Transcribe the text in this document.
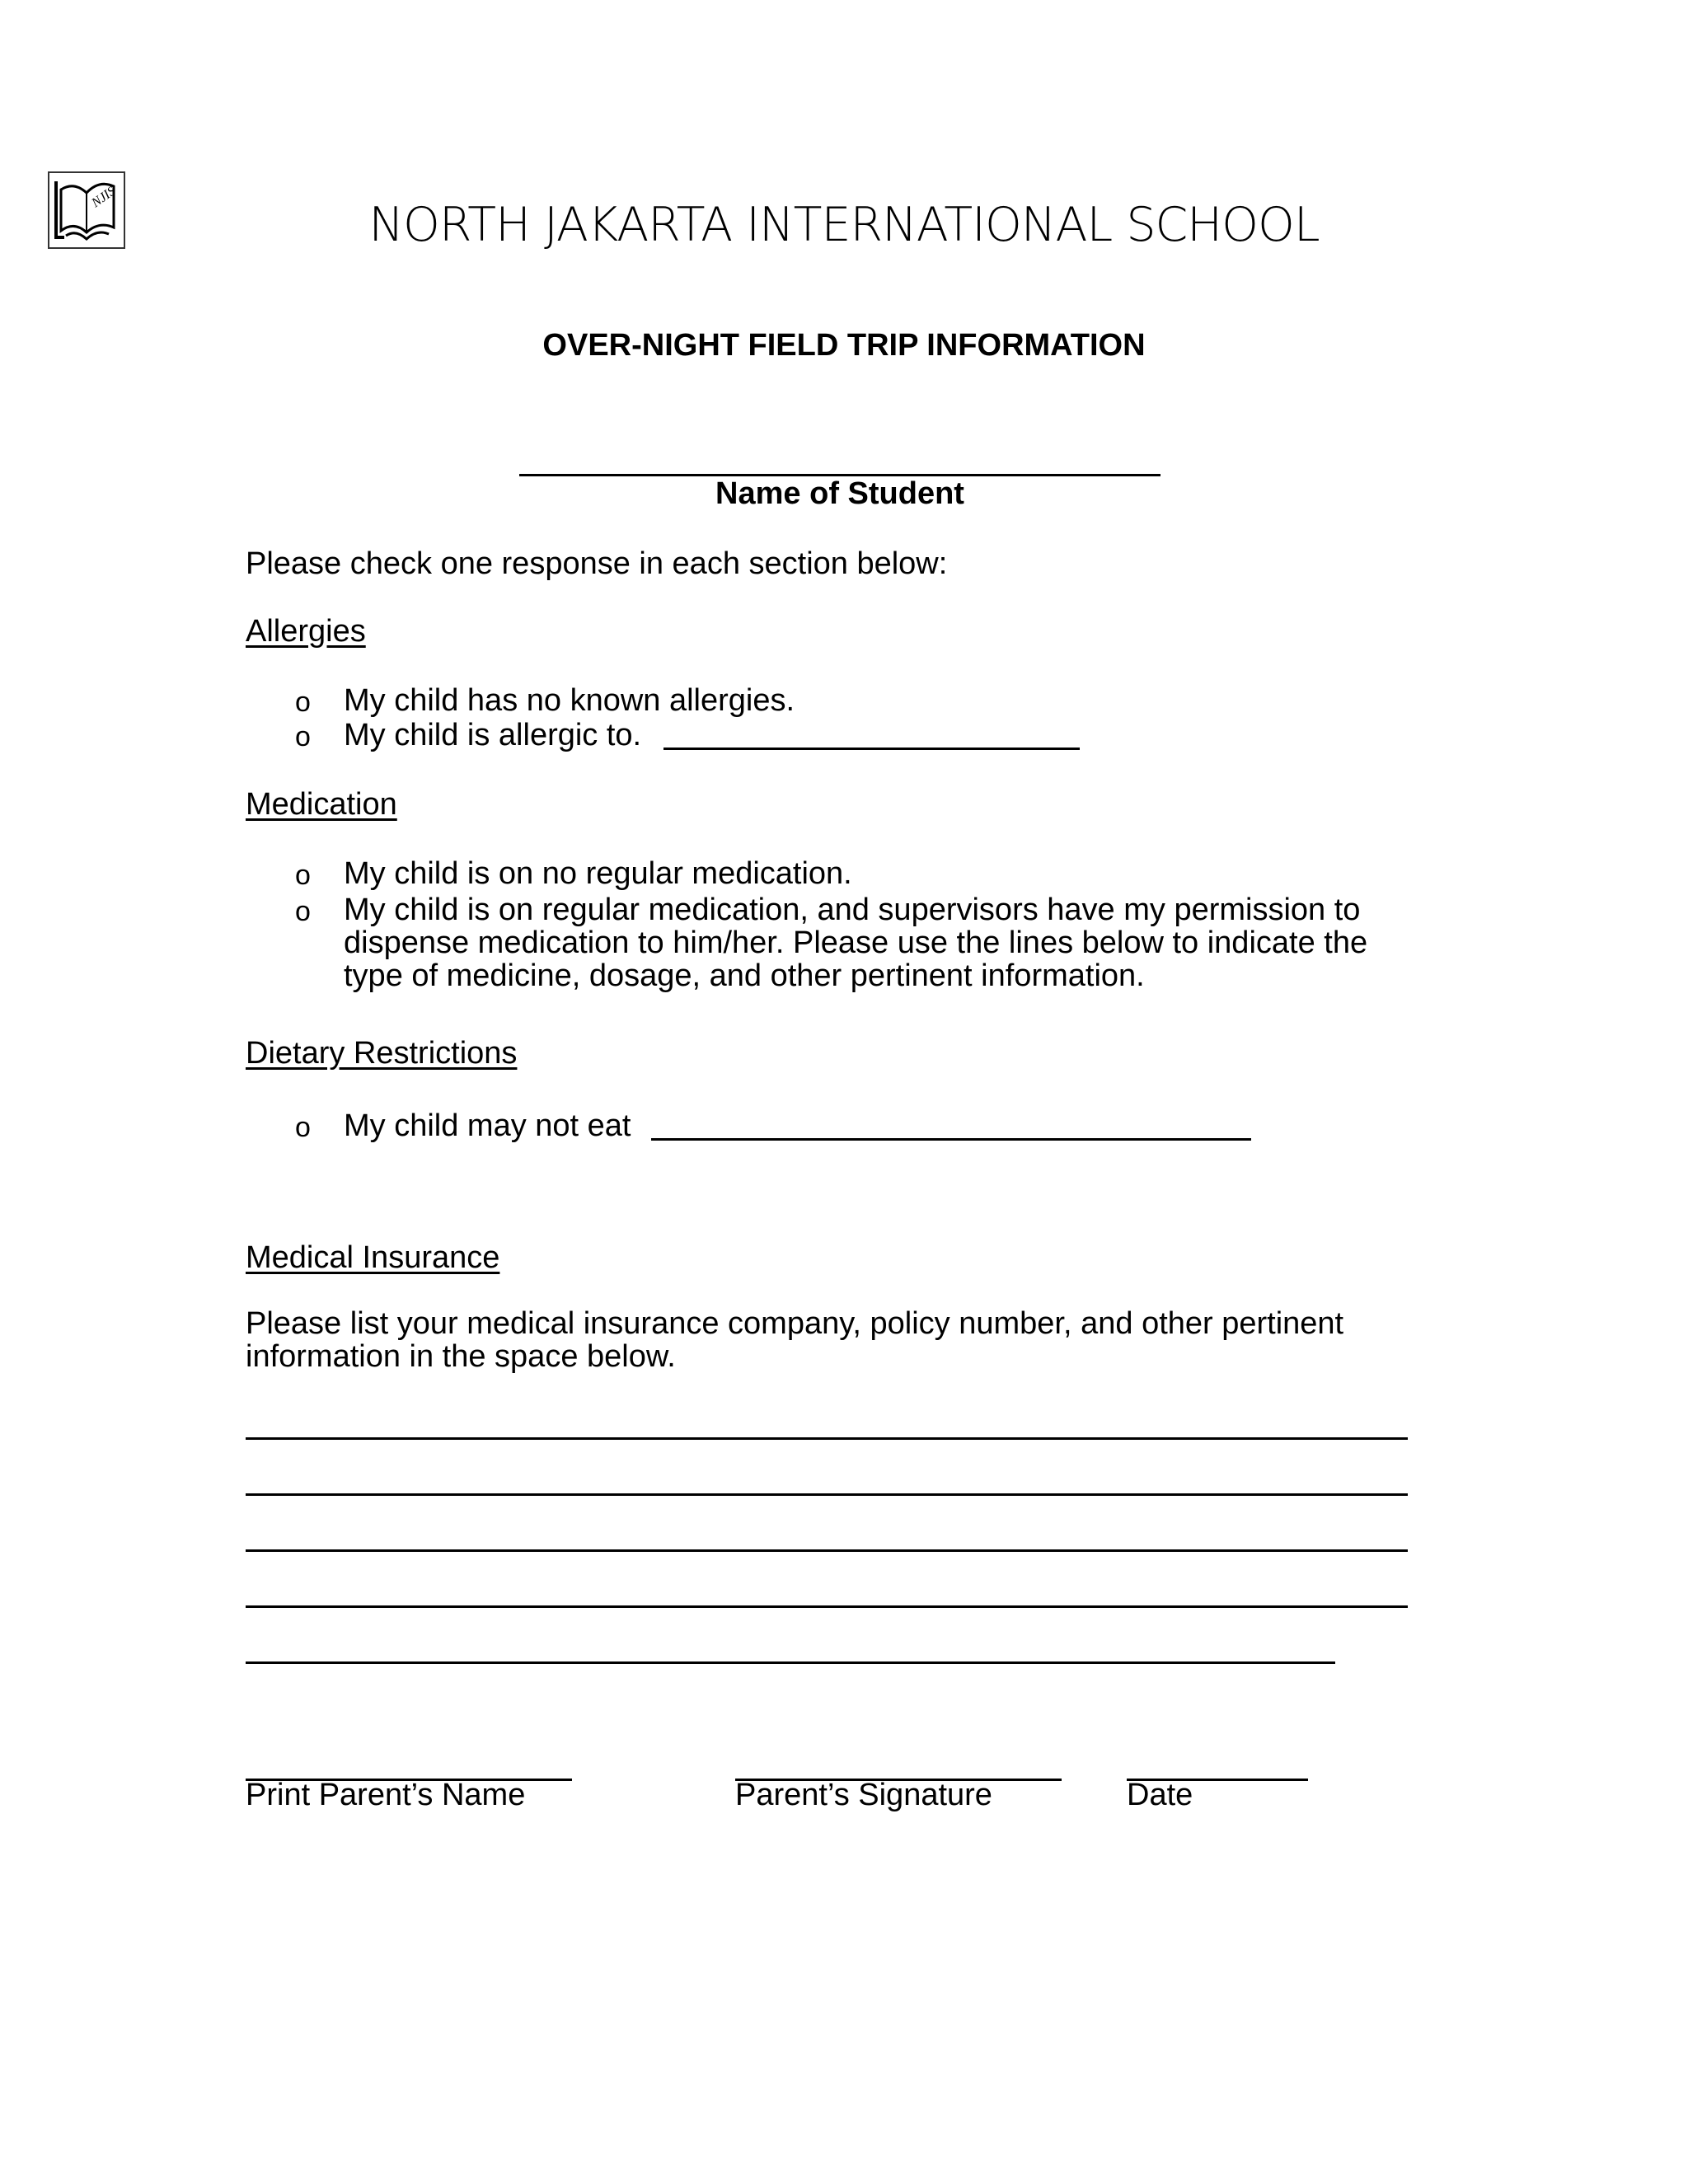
NJIS
NORTH JAKARTA INTERNATIONAL SCHOOL
OVER-NIGHT FIELD TRIP INFORMATION
Name of Student
Please check one response in each section below:
Allergies
o My child has no known allergies.
o My child is allergic to.
Medication
o My child is on no regular medication.
o My child is on regular medication, and supervisors have my permission to
dispense medication to him/her. Please use the lines below to indicate the
type of medicine, dosage, and other pertinent information.
Dietary Restrictions
o My child may not eat
Medical Insurance
Please list your medical insurance company, policy number, and other pertinent
information in the space below.
Print Parent’s Name	Parent’s Signature	Date
